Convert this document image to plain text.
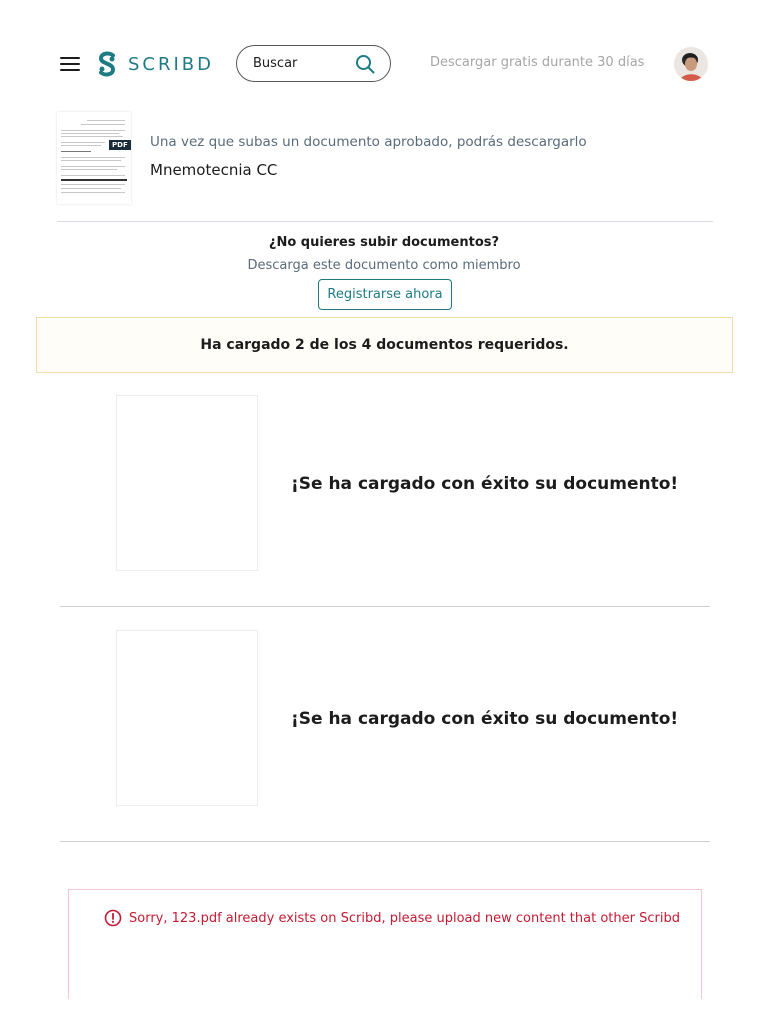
SCRIBD
Buscar	Descargar gratis durante 30 días
PDF Una vez que subas un documento aprobado, podrás descargarlo
Mnemotecnia CC
¿No quieres subir documentos?
Descarga este documento como miembro
Registrarse ahora
Ha cargado 2 de los 4 documentos requeridos.
¡Se ha cargado con éxito su documento!
¡Se ha cargado con éxito su documento!
Sorry, 123.pdf already exists on Scribd, please upload new content that other Scribd
